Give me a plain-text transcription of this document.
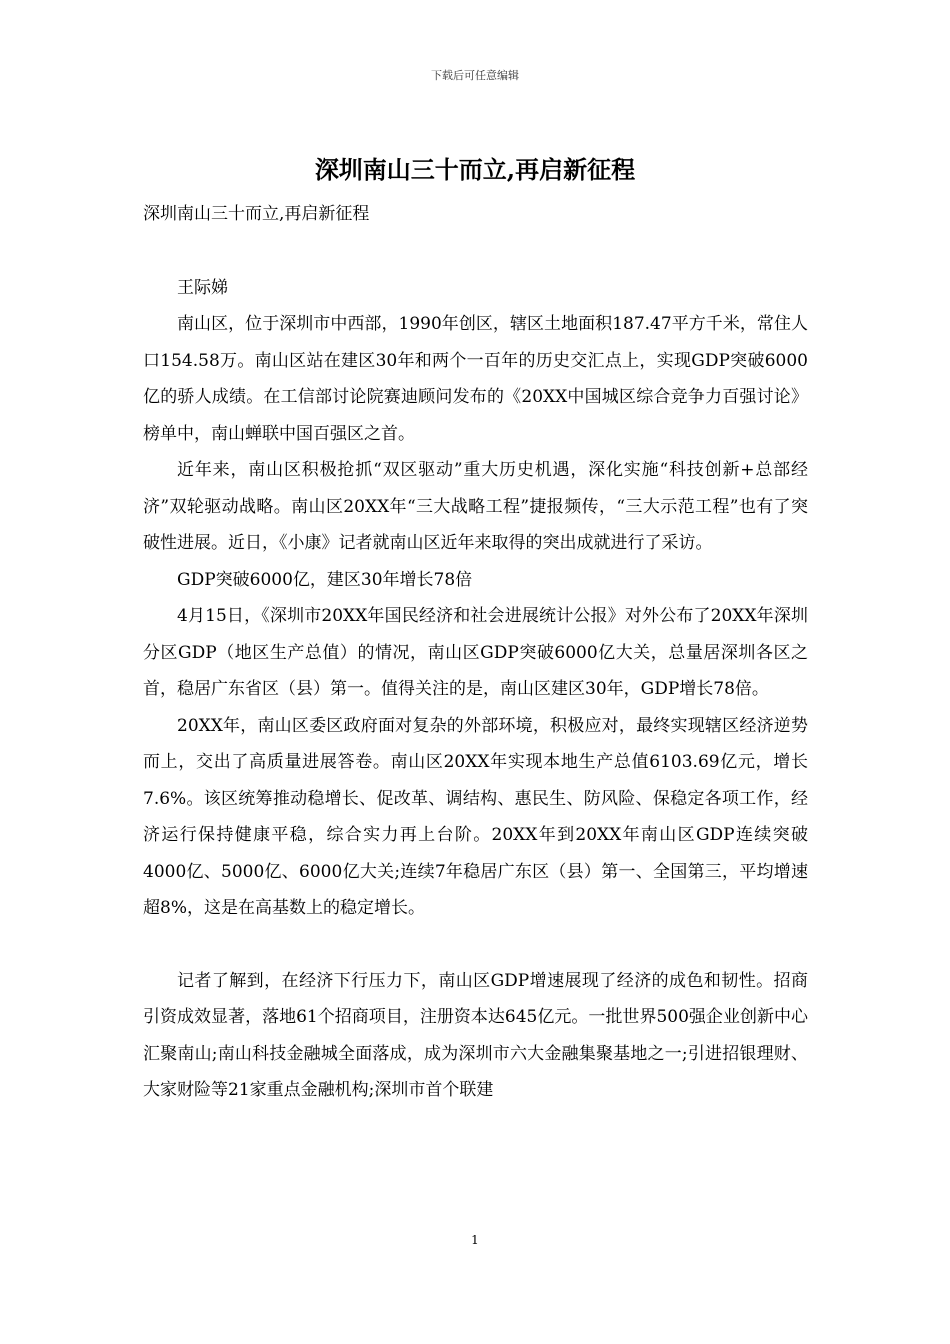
下载后可任意编辑
深圳南山三十而立,再启新征程

深圳南山三十而立,再启新征程

王际娣

南山区，位于深圳市中西部，1990年创区，辖区土地面积187.47平方千米，常住人口154.58万。南山区站在建区30年和两个一百年的历史交汇点上，实现GDP突破6000亿的骄人成绩。在工信部讨论院赛迪顾问发布的《20XX中国城区综合竞争力百强讨论》榜单中，南山蝉联中国百强区之首。

近年来，南山区积极抢抓“双区驱动”重大历史机遇，深化实施“科技创新+总部经济”双轮驱动战略。南山区20XX年“三大战略工程”捷报频传，“三大示范工程”也有了突破性进展。近日，《小康》记者就南山区近年来取得的突出成就进行了采访。

GDP突破6000亿，建区30年增长78倍

4月15日，《深圳市20XX年国民经济和社会进展统计公报》对外公布了20XX年深圳分区GDP（地区生产总值）的情况，南山区GDP突破6000亿大关，总量居深圳各区之首，稳居广东省区（县）第一。值得关注的是，南山区建区30年，GDP增长78倍。

20XX年，南山区委区政府面对复杂的外部环境，积极应对，最终实现辖区经济逆势而上，交出了高质量进展答卷。南山区20XX年实现本地生产总值6103.69亿元，增长7.6%。该区统筹推动稳增长、促改革、调结构、惠民生、防风险、保稳定各项工作，经济运行保持健康平稳，综合实力再上台阶。20XX年到20XX年南山区GDP连续突破4000亿、5000亿、6000亿大关;连续7年稳居广东区（县）第一、全国第三，平均增速超8%，这是在高基数上的稳定增长。

记者了解到，在经济下行压力下，南山区GDP增速展现了经济的成色和韧性。招商引资成效显著，落地61个招商项目，注册资本达645亿元。一批世界500强企业创新中心汇聚南山;南山科技金融城全面落成，成为深圳市六大金融集聚基地之一;引进招银理财、大家财险等21家重点金融机构;深圳市首个联建

1
